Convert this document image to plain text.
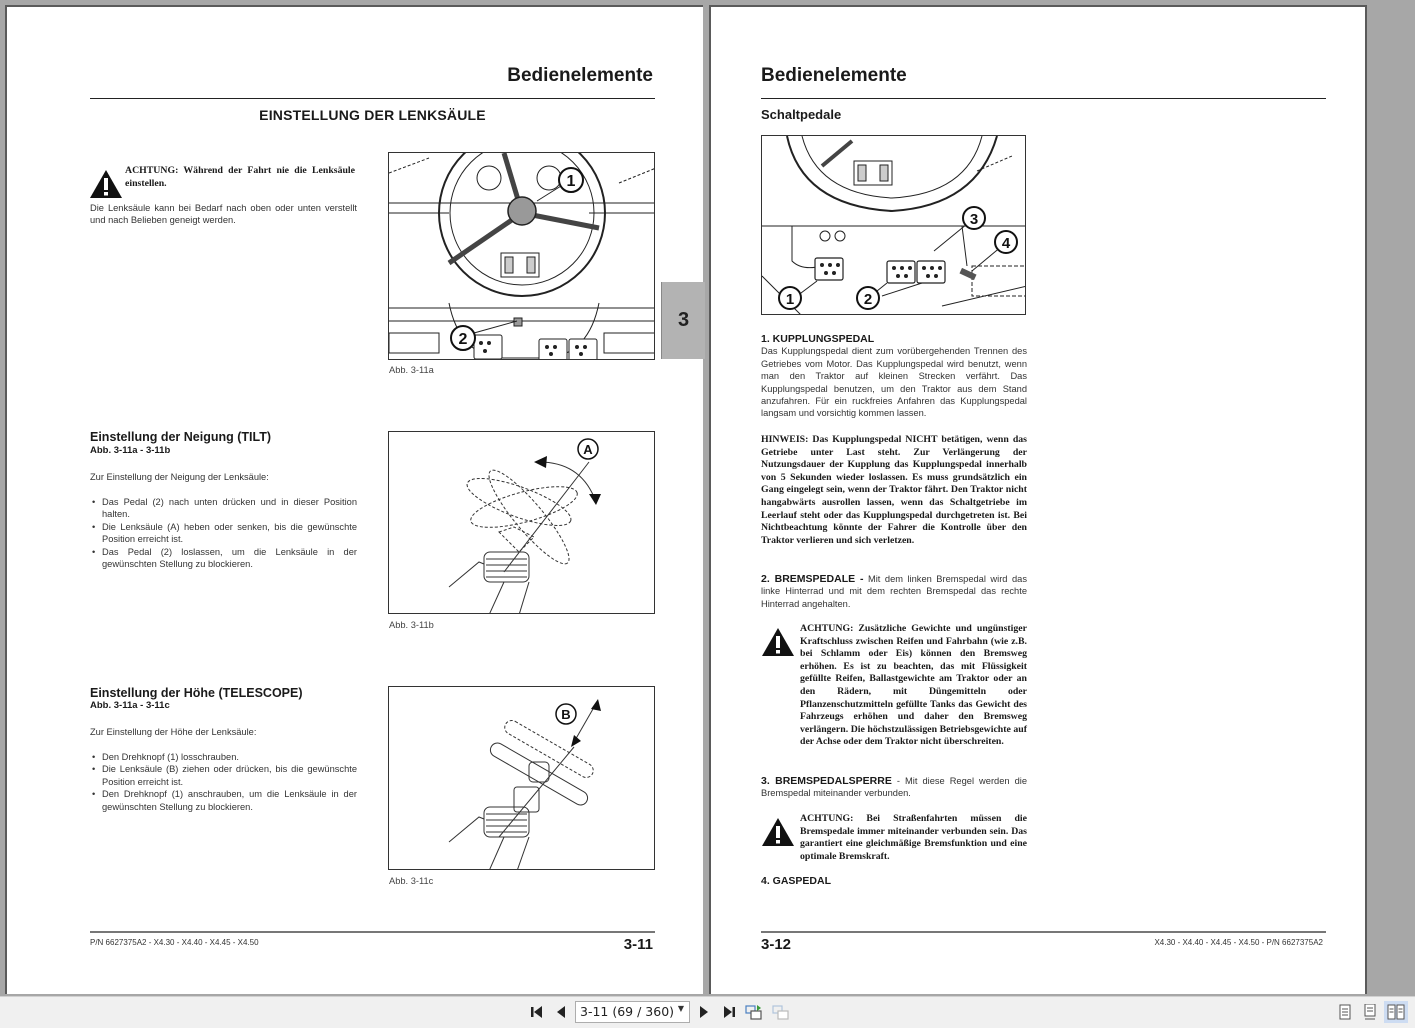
Bedienelemente
EINSTELLUNG DER LENKSÄULE
ACHTUNG: Während der Fahrt nie die Lenksäule einstellen.
Die Lenksäule kann bei Bedarf nach oben oder unten verstellt und nach Belieben geneigt werden.
1
2
Abb. 3-11a
Einstellung der Neigung (TILT)
Abb. 3-11a - 3-11b
Zur Einstellung der Neigung der Lenksäule:
• Das Pedal (2) nach unten drücken und in dieser Position halten.
• Die Lenksäule (A) heben oder senken, bis die gewünschte Position erreicht ist.
• Das Pedal (2) loslassen, um die Lenksäule in der gewünschten Stellung zu blockieren.
A
Abb. 3-11b
Einstellung der Höhe (TELESCOPE)
Abb. 3-11a - 3-11c
Zur Einstellung der Höhe der Lenksäule:
• Den Drehknopf (1) losschrauben.
• Die Lenksäule (B) ziehen oder drücken, bis die gewünschte Position erreicht ist.
• Den Drehknopf (1) anschrauben, um die Lenksäule in der gewünschten Stellung zu blockieren.
B
Abb. 3-11c
3
P/N 6627375A2 - X4.30 - X4.40 - X4.45 - X4.50	3-11
Bedienelemente
Schaltpedale
1	2
3
4
1. KUPPLUNGSPEDAL
Das Kupplungspedal dient zum vorübergehenden Trennen des Getriebes vom Motor. Das Kupplungspedal wird benutzt, wenn man den Traktor auf kleinen Strecken verfährt. Das Kupplungspedal benutzen, um den Traktor aus dem Stand anzufahren. Für ein ruckfreies Anfahren das Kupplungspedal langsam und vorsichtig kommen lassen.
HINWEIS: Das Kupplungspedal NICHT betätigen, wenn das Getriebe unter Last steht. Zur Verlängerung der Nutzungsdauer der Kupplung das Kupplungspedal innerhalb von 5 Sekunden wieder loslassen. Es muss grundsätzlich ein Gang eingelegt sein, wenn der Traktor fährt. Den Traktor nicht hangabwärts ausrollen lassen, wenn das Schaltgetriebe im Leerlauf steht oder das Kupplungspedal durchgetreten ist. Bei Nichtbeachtung könnte der Fahrer die Kontrolle über den Traktor verlieren und sich verletzen.
2. BREMSPEDALE - Mit dem linken Bremspedal wird das linke Hinterrad und mit dem rechten Bremspedal das rechte Hinterrad angehalten.
ACHTUNG: Zusätzliche Gewichte und ungünstiger Kraftschluss zwischen Reifen und Fahrbahn (wie z.B. bei Schlamm oder Eis) können den Bremsweg erhöhen. Es ist zu beachten, das mit Flüssigkeit gefüllte Reifen, Ballastgewichte am Traktor oder an den Rädern, mit Düngemitteln oder Pflanzenschutzmitteln gefüllte Tanks das Gewicht des Fahrzeugs erhöhen und daher den Bremsweg verlängern. Die höchstzulässigen Betriebsgewichte auf der Achse oder dem Traktor nicht überschreiten.
3. BREMSPEDALSPERRE - Mit diese Regel werden die Bremspedal miteinander verbunden.
ACHTUNG: Bei Straßenfahrten müssen die Bremspedale immer miteinander verbunden sein. Das garantiert eine gleichmäßige Bremsfunktion und eine optimale Bremskraft.
4. GASPEDAL
3-12	X4.30 - X4.40 - X4.45 - X4.50 - P/N 6627375A2
3-11 (69 / 360) ▼
